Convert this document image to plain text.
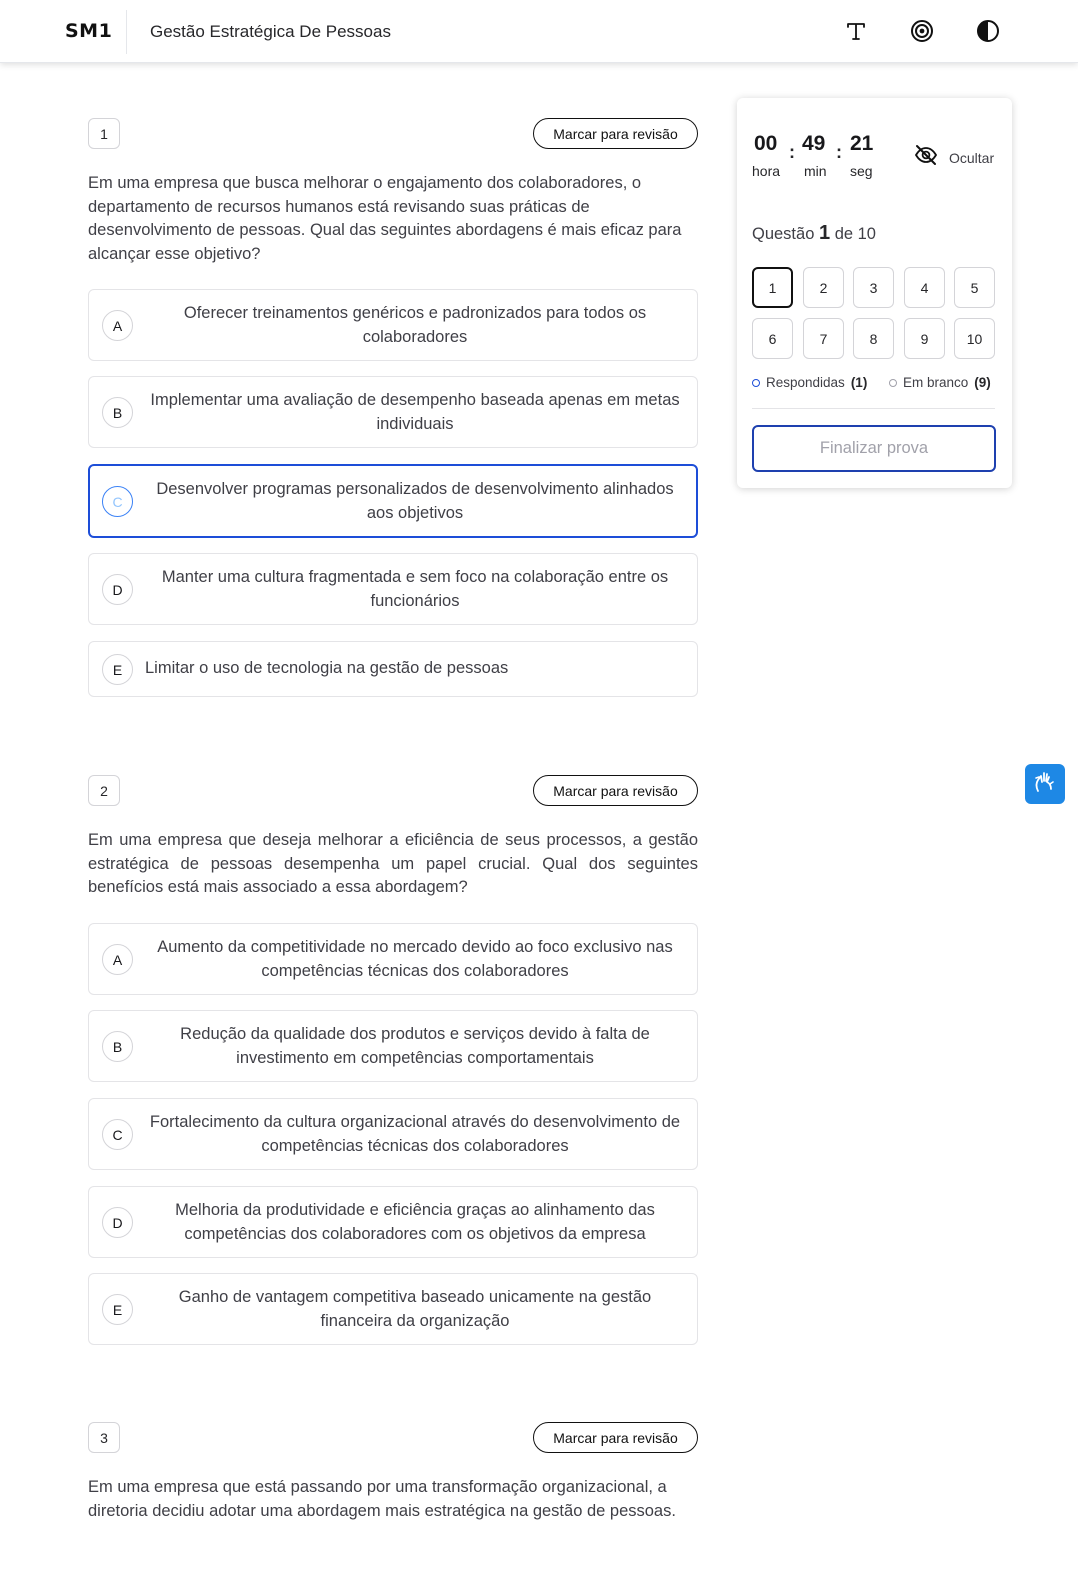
SM1 Gestão Estratégica De Pessoas
1	Marcar para revisão
Em uma empresa que busca melhorar o engajamento dos colaboradores, o departamento de recursos humanos está revisando suas práticas de desenvolvimento de pessoas. Qual das seguintes abordagens é mais eficaz para alcançar esse objetivo?
A
Oferecer treinamentos genéricos e padronizados para todos os colaboradores
B
Implementar uma avaliação de desempenho baseada apenas em metas individuais
C
Desenvolver programas personalizados de desenvolvimento alinhados aos objetivos
D
Manter uma cultura fragmentada e sem foco na colaboração entre os funcionários
E	Limitar o uso de tecnologia na gestão de pessoas
2	Marcar para revisão
Em uma empresa que deseja melhorar a eficiência de seus processos, a gestão estratégica de pessoas desempenha um papel crucial. Qual dos seguintes benefícios está mais associado a essa abordagem?
A
Aumento da competitividade no mercado devido ao foco exclusivo nas competências técnicas dos colaboradores
B
Redução da qualidade dos produtos e serviços devido à falta de investimento em competências comportamentais
C
Fortalecimento da cultura organizacional através do desenvolvimento de competências técnicas dos colaboradores
D
Melhoria da produtividade e eficiência graças ao alinhamento das competências dos colaboradores com os objetivos da empresa
E
Ganho de vantagem competitiva baseado unicamente na gestão financeira da organização
3	Marcar para revisão
Em uma empresa que está passando por uma transformação organizacional, a diretoria decidiu adotar uma abordagem mais estratégica na gestão de pessoas.
00
hora
: 49
min
: 21
seg
Ocultar
Questão 1 de 10
1	2	3	4	5
6	7	8	9	10
Respondidas (1)	Em branco (9)
Finalizar prova
